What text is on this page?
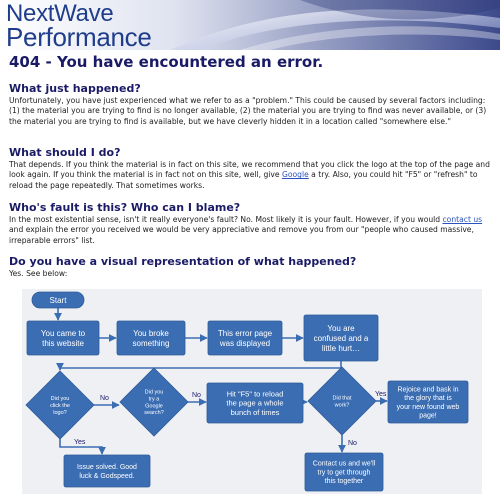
NextWave
Performance
404 - You have encountered an error.
What just happened?

Unfortunately, you have just experienced what we refer to as a "problem." This could be caused by several factors including: (1) the material you are trying to find is no longer available, (2) the material you are trying to find was never available, or (3) the material you are trying to find is available, but we have cleverly hidden it in a location called "somewhere else."

What should I do?

That depends. If you think the material is in fact on this site, we recommend that you click the logo at the top of the page and look again. If you think the material is in fact not on this site, well, give Google a try. Also, you could hit "F5" or "refresh" to reload the page repeatedly. That sometimes works.

Who's fault is this? Who can I blame?

In the most existential sense, isn't it really everyone's fault? No. Most likely it is your fault. However, if you would contact us and explain the error you received we would be very appreciative and remove you from our "people who caused massive, irreparable errors" list.

Do you have a visual representation of what happened?

Yes. See below:

No	No	Yes
Yes	No
Start
You came to
this website
You broke
something
This error page
was displayed
You are
confused and a
little hurt…
Did you
click the
logo?
Did you
try a
Google
search?
Hit "F5" to reload
the page a whole
bunch of times
Did that
work?
Rejoice and bask in
the glory that is
your new found web
page!
Issue solved. Good
luck & Godspeed.
Contact us and we'll
try to get through
this together
